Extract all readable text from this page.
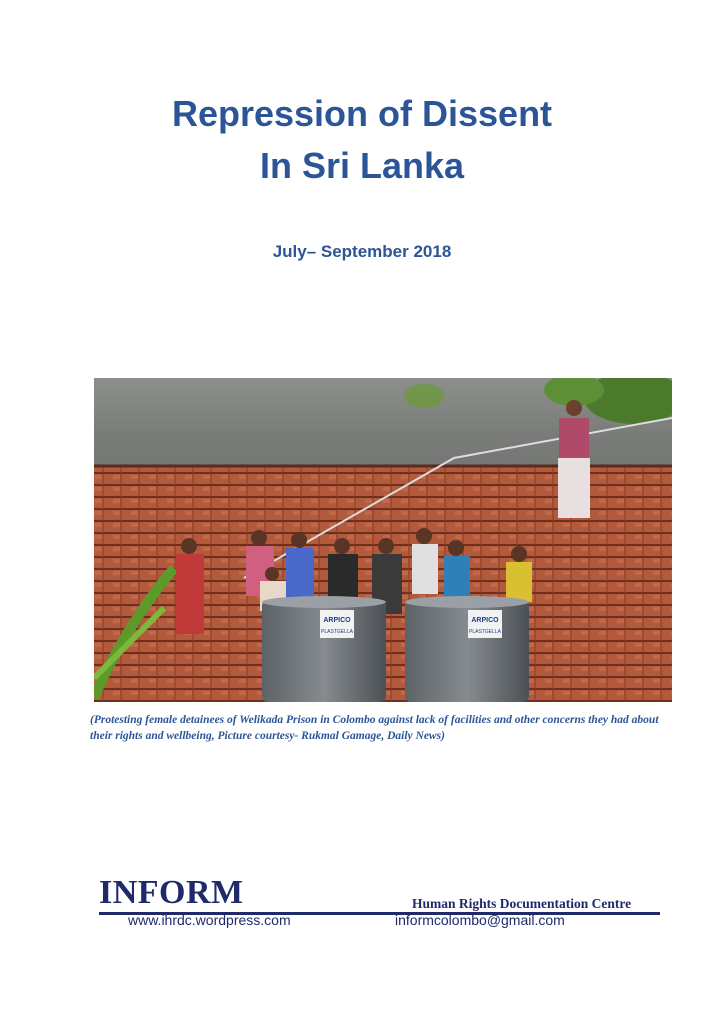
Repression of Dissent
In Sri Lanka
July– September 2018
ARPICO
PLASTGELLA
ARPICO
PLASTGELLA
(Protesting female detainees of Welikada Prison in Colombo against lack of facilities and other concerns they had about their rights and wellbeing, Picture courtesy- Rukmal Gamage, Daily News)
INFORM	Human Rights Documentation Centre
www.ihrdc.wordpress.com	informcolombo@gmail.com
